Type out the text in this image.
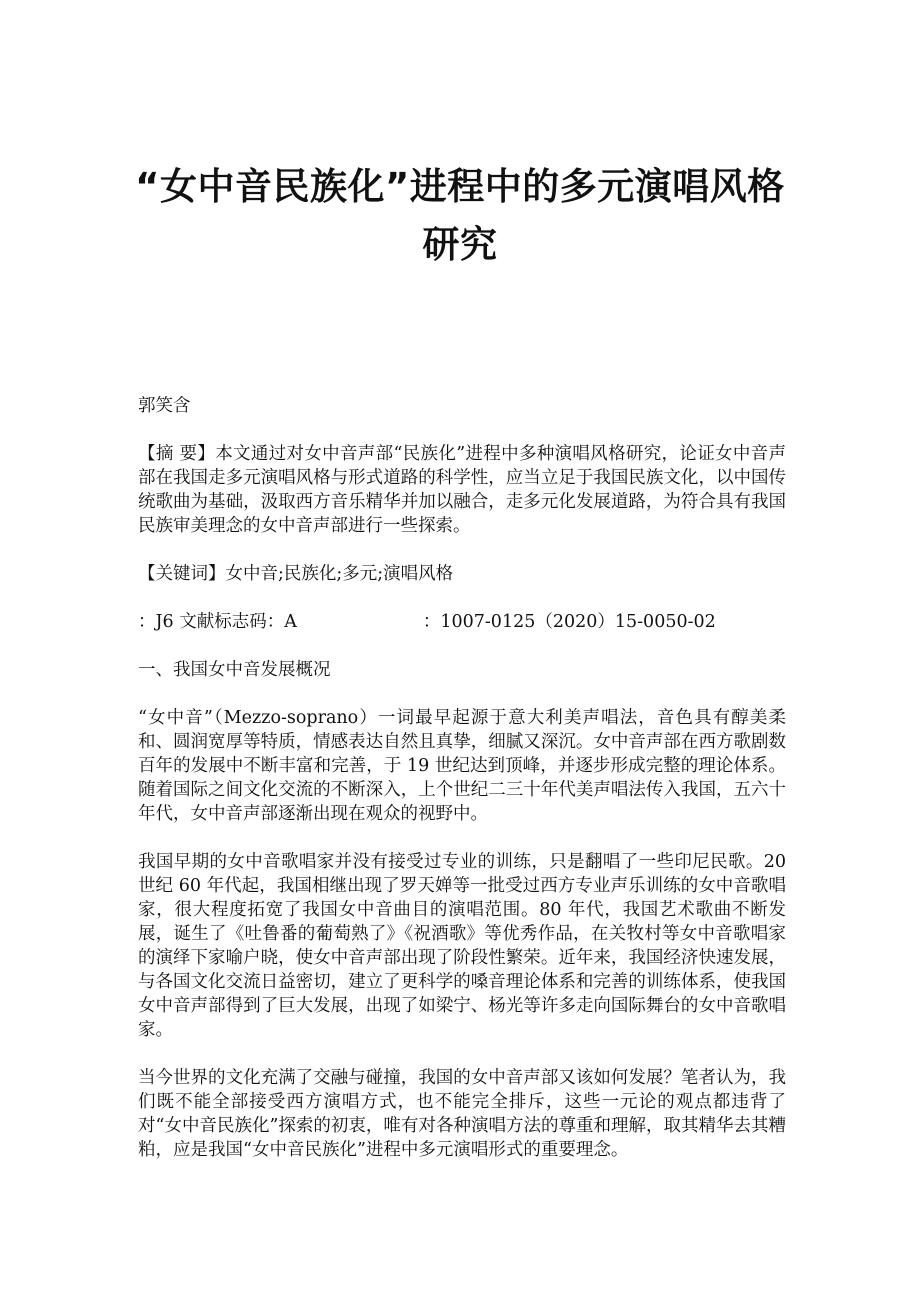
“女中音民族化”进程中的多元演唱风格研究

郭笑含

【摘 要】本文通过对女中音声部“民族化”进程中多种演唱风格研究，论证女中音声部在我国走多元演唱风格与形式道路的科学性，应当立足于我国民族文化，以中国传统歌曲为基础，汲取西方音乐精华并加以融合，走多元化发展道路，为符合具有我国民族审美理念的女中音声部进行一些探索。

【关键词】女中音;民族化;多元;演唱风格

：J6 文献标志码：A	：1007-0125（2020）15-0050-02

一、我国女中音发展概况

“女中音”（Mezzo-soprano）一词最早起源于意大利美声唱法，音色具有醇美柔和、圆润宽厚等特质，情感表达自然且真挚，细腻又深沉。女中音声部在西方歌剧数百年的发展中不断丰富和完善，于 19 世纪达到顶峰，并逐步形成完整的理论体系。随着国际之间文化交流的不断深入，上个世纪二三十年代美声唱法传入我国，五六十年代，女中音声部逐渐出现在观众的视野中。

我国早期的女中音歌唱家并没有接受过专业的训练，只是翻唱了一些印尼民歌。20 世纪 60 年代起，我国相继出现了罗天婵等一批受过西方专业声乐训练的女中音歌唱家，很大程度拓宽了我国女中音曲目的演唱范围。80 年代，我国艺术歌曲不断发展，诞生了《吐鲁番的葡萄熟了》《祝酒歌》等优秀作品，在关牧村等女中音歌唱家的演绎下家喻户晓，使女中音声部出现了阶段性繁荣。近年来，我国经济快速发展，与各国文化交流日益密切，建立了更科学的嗓音理论体系和完善的训练体系，使我国女中音声部得到了巨大发展，出现了如梁宁、杨光等许多走向国际舞台的女中音歌唱家。

当今世界的文化充满了交融与碰撞，我国的女中音声部又该如何发展？笔者认为，我们既不能全部接受西方演唱方式，也不能完全排斥，这些一元论的观点都违背了对“女中音民族化”探索的初衷，唯有对各种演唱方法的尊重和理解，取其精华去其糟粕，应是我国“女中音民族化”进程中多元演唱形式的重要理念。
